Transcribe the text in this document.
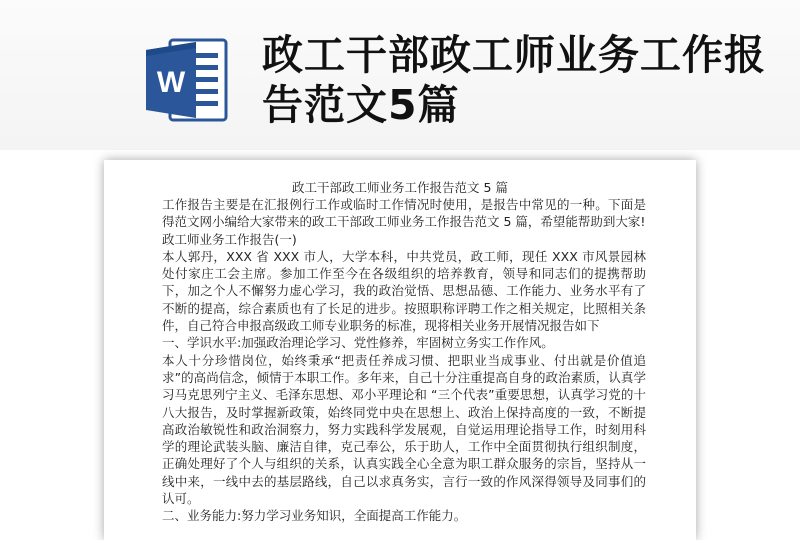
W
政工干部政工师业务工作报告范文5篇
政工干部政工师业务工作报告范文 5 篇

工作报告主要是在汇报例行工作或临时工作情况时使用，是报告中常见的一种。下面是得范文网小编给大家带来的政工干部政工师业务工作报告范文 5 篇，希望能帮助到大家!

政工师业务工作报告(一)

本人郭丹，XXX 省 XXX 市人，大学本科，中共党员，政工师，现任 XXX 市风景园林处付家庄工会主席。参加工作至今在各级组织的培养教育，领导和同志们的提携帮助下，加之个人不懈努力虚心学习，我的政治觉悟、思想品德、工作能力、业务水平有了不断的提高，综合素质也有了长足的进步。按照职称评聘工作之相关规定，比照相关条件，自己符合申报高级政工师专业职务的标准，现将相关业务开展情况报告如下

一、学识水平:加强政治理论学习、党性修养，牢固树立务实工作作风。

本人十分珍惜岗位，始终秉承“把责任养成习惯、把职业当成事业、付出就是价值追求”的高尚信念，倾情于本职工作。多年来，自己十分注重提高自身的政治素质，认真学习马克思列宁主义、毛泽东思想、邓小平理论和 “三个代表”重要思想，认真学习党的十八大报告，及时掌握新政策，始终同党中央在思想上、政治上保持高度的一致，不断提高政治敏锐性和政治洞察力，努力实践科学发展观，自觉运用理论指导工作，时刻用科学的理论武装头脑、廉洁自律，克己奉公，乐于助人，工作中全面贯彻执行组织制度，正确处理好了个人与组织的关系，认真实践全心全意为职工群众服务的宗旨，坚持从一线中来，一线中去的基层路线，自己以求真务实，言行一致的作风深得领导及同事们的认可。

二、业务能力:努力学习业务知识，全面提高工作能力。
